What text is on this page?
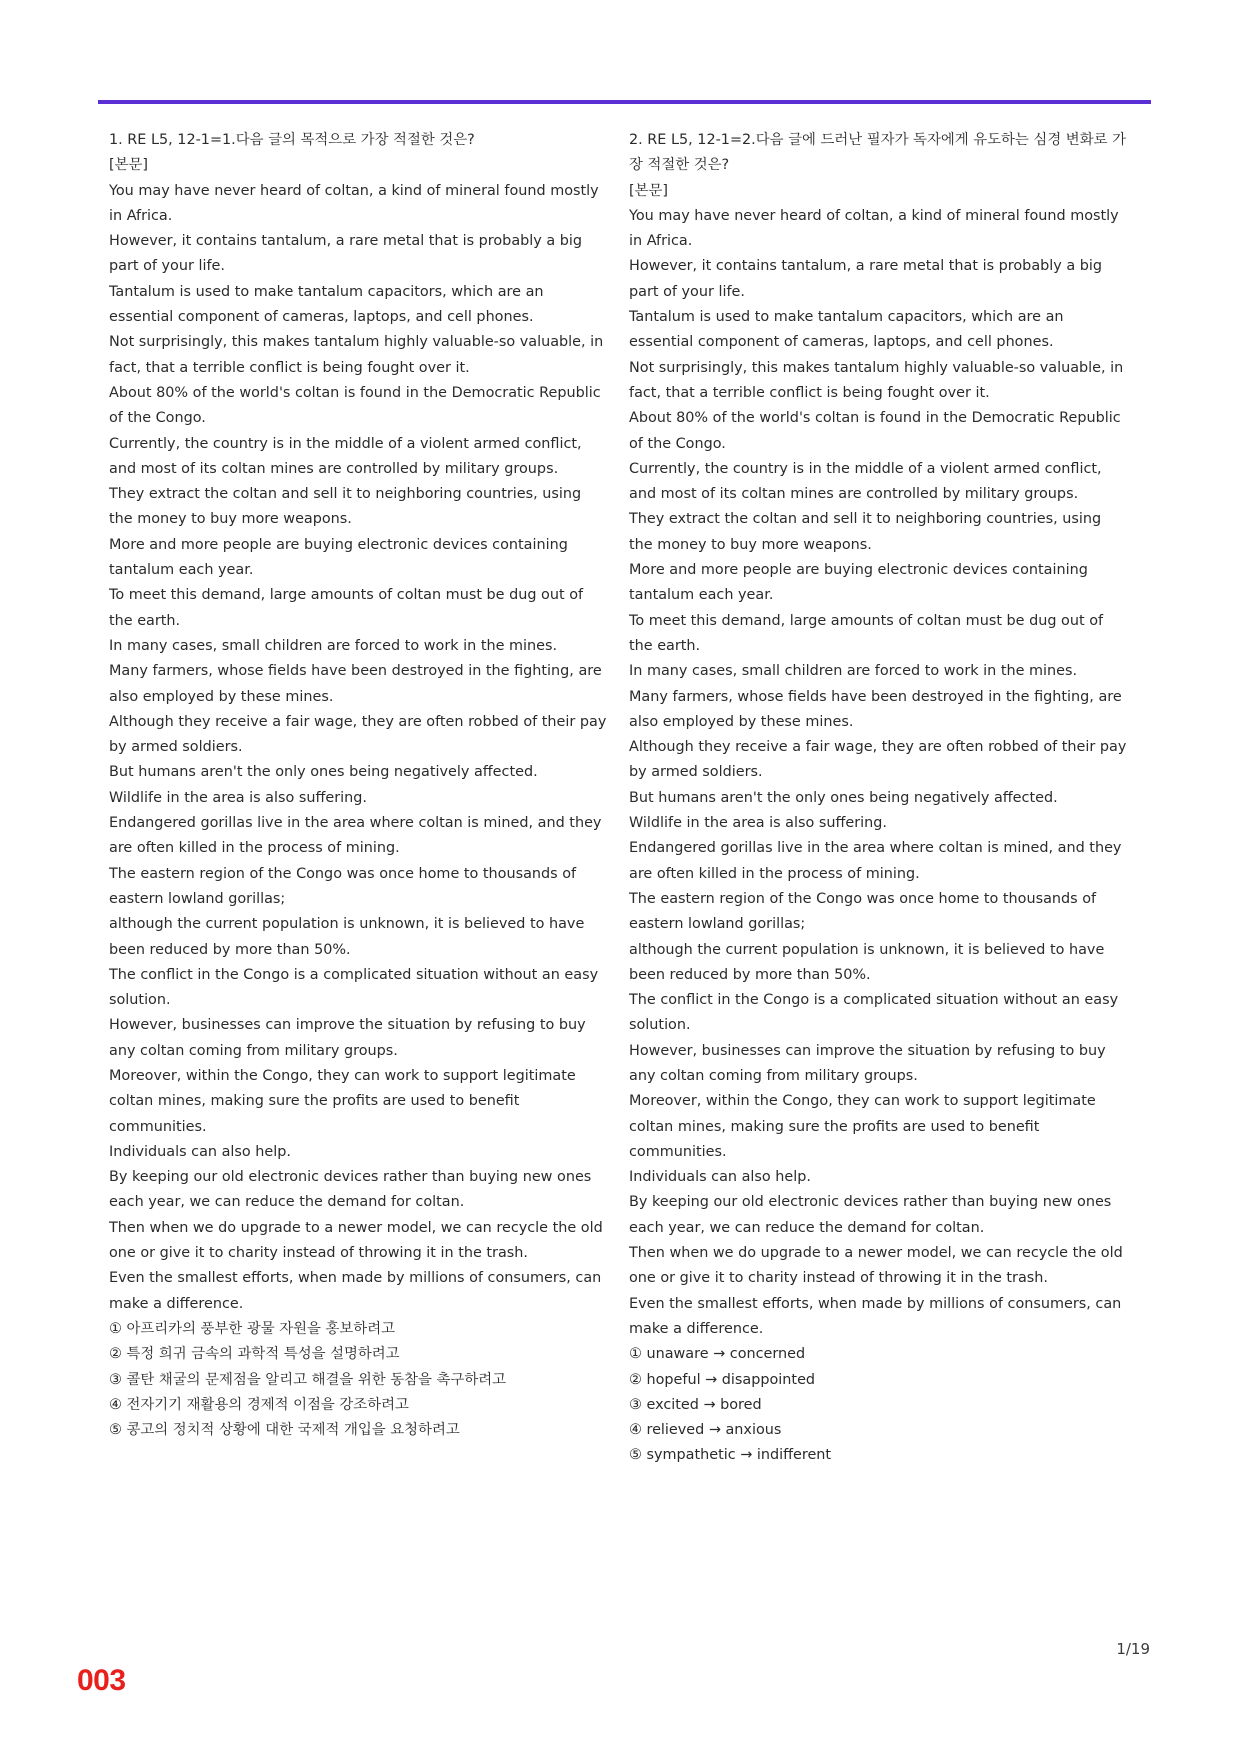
1. RE L5, 12-1=1.다음 글의 목적으로 가장 적절한 것은?

[본문]

You may have never heard of coltan, a kind of mineral found mostly in Africa.

However, it contains tantalum, a rare metal that is probably a big part of your life.

Tantalum is used to make tantalum capacitors, which are an essential component of cameras, laptops, and cell phones.

Not surprisingly, this makes tantalum highly valuable-so valuable, in fact, that a terrible conflict is being fought over it.

About 80% of the world's coltan is found in the Democratic Republic of the Congo.

Currently, the country is in the middle of a violent armed conflict, and most of its coltan mines are controlled by military groups.

They extract the coltan and sell it to neighboring countries, using the money to buy more weapons.

More and more people are buying electronic devices containing tantalum each year.

To meet this demand, large amounts of coltan must be dug out of the earth.

In many cases, small children are forced to work in the mines.

Many farmers, whose fields have been destroyed in the fighting, are also employed by these mines.

Although they receive a fair wage, they are often robbed of their pay by armed soldiers.

But humans aren't the only ones being negatively affected.

Wildlife in the area is also suffering.

Endangered gorillas live in the area where coltan is mined, and they are often killed in the process of mining.

The eastern region of the Congo was once home to thousands of eastern lowland gorillas;

although the current population is unknown, it is believed to have been reduced by more than 50%.

The conflict in the Congo is a complicated situation without an easy solution.

However, businesses can improve the situation by refusing to buy any coltan coming from military groups.

Moreover, within the Congo, they can work to support legitimate coltan mines, making sure the profits are used to benefit communities.

Individuals can also help.

By keeping our old electronic devices rather than buying new ones each year, we can reduce the demand for coltan.

Then when we do upgrade to a newer model, we can recycle the old one or give it to charity instead of throwing it in the trash.

Even the smallest efforts, when made by millions of consumers, can make a difference.

① 아프리카의 풍부한 광물 자원을 홍보하려고

② 특정 희귀 금속의 과학적 특성을 설명하려고

③ 콜탄 채굴의 문제점을 알리고 해결을 위한 동참을 촉구하려고

④ 전자기기 재활용의 경제적 이점을 강조하려고

⑤ 콩고의 정치적 상황에 대한 국제적 개입을 요청하려고

2. RE L5, 12-1=2.다음 글에 드러난 필자가 독자에게 유도하는 심경 변화로 가장 적절한 것은?

[본문]

You may have never heard of coltan, a kind of mineral found mostly in Africa.

However, it contains tantalum, a rare metal that is probably a big part of your life.

Tantalum is used to make tantalum capacitors, which are an essential component of cameras, laptops, and cell phones.

Not surprisingly, this makes tantalum highly valuable-so valuable, in fact, that a terrible conflict is being fought over it.

About 80% of the world's coltan is found in the Democratic Republic of the Congo.

Currently, the country is in the middle of a violent armed conflict, and most of its coltan mines are controlled by military groups.

They extract the coltan and sell it to neighboring countries, using the money to buy more weapons.

More and more people are buying electronic devices containing tantalum each year.

To meet this demand, large amounts of coltan must be dug out of the earth.

In many cases, small children are forced to work in the mines.

Many farmers, whose fields have been destroyed in the fighting, are also employed by these mines.

Although they receive a fair wage, they are often robbed of their pay by armed soldiers.

But humans aren't the only ones being negatively affected.

Wildlife in the area is also suffering.

Endangered gorillas live in the area where coltan is mined, and they are often killed in the process of mining.

The eastern region of the Congo was once home to thousands of eastern lowland gorillas;

although the current population is unknown, it is believed to have been reduced by more than 50%.

The conflict in the Congo is a complicated situation without an easy solution.

However, businesses can improve the situation by refusing to buy any coltan coming from military groups.

Moreover, within the Congo, they can work to support legitimate coltan mines, making sure the profits are used to benefit communities.

Individuals can also help.

By keeping our old electronic devices rather than buying new ones each year, we can reduce the demand for coltan.

Then when we do upgrade to a newer model, we can recycle the old one or give it to charity instead of throwing it in the trash.

Even the smallest efforts, when made by millions of consumers, can make a difference.

① unaware → concerned

② hopeful → disappointed

③ excited → bored

④ relieved → anxious

⑤ sympathetic → indifferent

1/19
003
